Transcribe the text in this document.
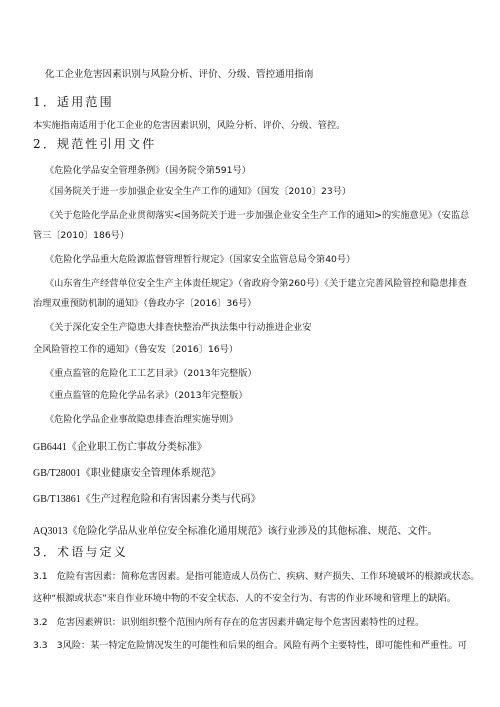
化工企业危害因素识别与风险分析、评价、分级、管控通用指南
1．适用范围
本实施指南适用于化工企业的危害因素识别，风险分析、评价、分级、管控。
2．规范性引用文件
《危险化学品安全管理条例》（国务院令第591号）
《国务院关于进一步加强企业安全生产工作的通知》（国发〔2010〕23号）
《关于危险化学品企业贯彻落实<国务院关于进一步加强企业安全生产工作的通知>的实施意见》（安监总
管三〔2010〕186号）
《危险化学品重大危险源监督管理暂行规定》（国家安全监管总局令第40号）
《山东省生产经营单位安全生产主体责任规定》（省政府令第260号）《关于建立完善风险管控和隐患排查
治理双重预防机制的通知》（鲁政办字〔2016〕36号）
《关于深化安全生产隐患大排查快整治严执法集中行动推进企业安
全风险管控工作的通知》（鲁安发〔2016〕16号）
《重点监管的危险化工工艺目录》（2013年完整版）
《重点监管的危险化学品名录》（2013年完整版）
《危险化学品企业事故隐患排查治理实施导则》
GB6441《企业职工伤亡事故分类标准》
GB/T28001《职业健康安全管理体系规范》
GB/T13861《生产过程危险和有害因素分类与代码》
AQ3013《危险化学品从业单位安全标准化通用规范》该行业涉及的其他标准、规范、文件。
3．术语与定义
3.1　危险有害因素：简称危害因素。是指可能造成人员伤亡、疾病、财产损失、工作环境破坏的根源或状态。
这种“根源或状态”来自作业环境中物的不安全状态、人的不安全行为、有害的作业环境和管理上的缺陷。
3.2　危害因素辨识：识别组织整个范围内所有存在的危害因素并确定每个危害因素特性的过程。
3.3　3风险：某一特定危险情况发生的可能性和后果的组合。风险有两个主要特性，即可能性和严重性。可
